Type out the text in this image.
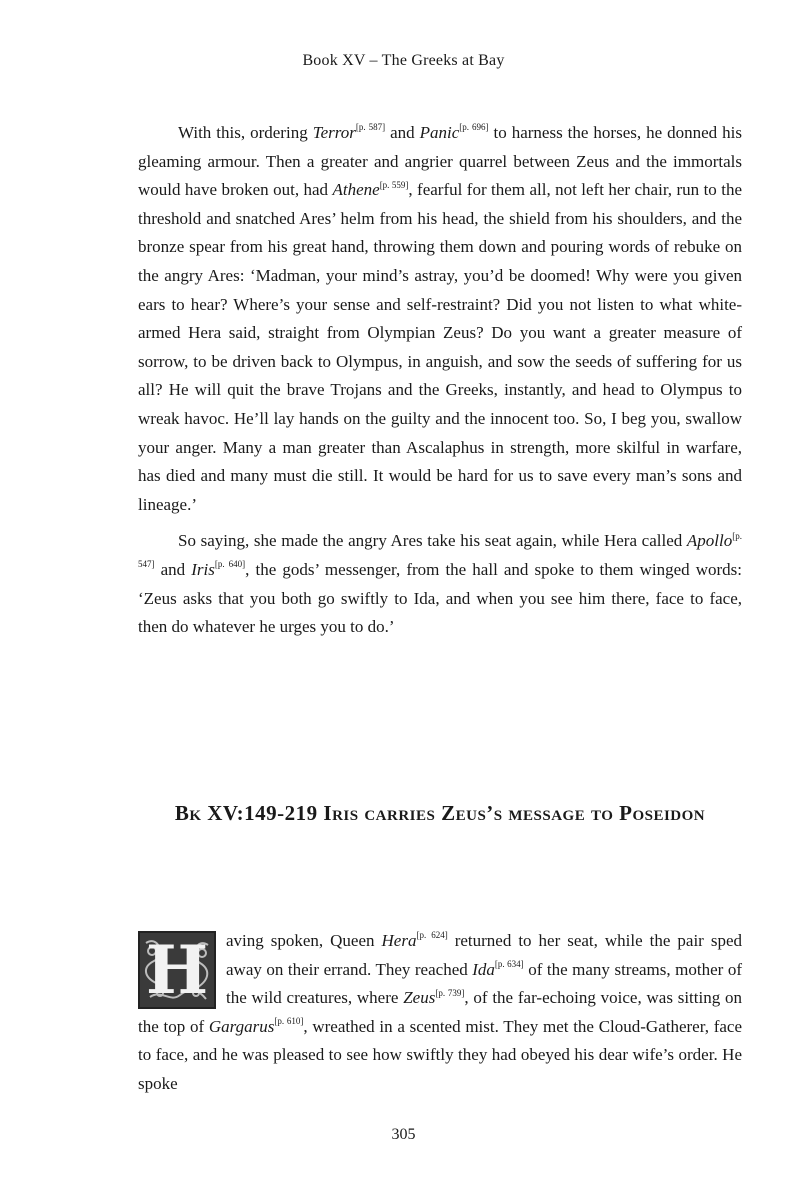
Book XV – The Greeks at Bay

With this, ordering Terror[p. 587] and Panic[p. 696] to harness the horses, he donned his gleaming armour. Then a greater and angrier quarrel between Zeus and the immortals would have broken out, had Athene[p. 559], fearful for them all, not left her chair, run to the threshold and snatched Ares’ helm from his head, the shield from his shoulders, and the bronze spear from his great hand, throwing them down and pouring words of rebuke on the angry Ares: ‘Madman, your mind’s astray, you’d be doomed! Why were you given ears to hear? Where’s your sense and self-restraint? Did you not listen to what white-armed Hera said, straight from Olympian Zeus? Do you want a greater measure of sorrow, to be driven back to Olympus, in anguish, and sow the seeds of suffering for us all? He will quit the brave Trojans and the Greeks, instantly, and head to Olympus to wreak havoc. He’ll lay hands on the guilty and the innocent too. So, I beg you, swallow your anger. Many a man greater than Ascalaphus in strength, more skilful in warfare, has died and many must die still. It would be hard for us to save every man’s sons and lineage.’

So saying, she made the angry Ares take his seat again, while Hera called Apollo[p. 547] and Iris[p. 640], the gods’ messenger, from the hall and spoke to them winged words: ‘Zeus asks that you both go swiftly to Ida, and when you see him there, face to face, then do whatever he urges you to do.’

Bk XV:149-219 Iris carries Zeus’s message to Poseidon

H	aving spoken, Queen Hera[p. 624] returned to her seat, while the pair sped away on their errand. They reached Ida[p. 634] of the many streams, mother of the wild creatures, where Zeus[p. 739], of the far-echoing voice, was sitting on the top of Gargarus[p. 610], wreathed in a scented mist. They met the Cloud-Gatherer, face to face, and he was pleased to see how swiftly they had obeyed his dear wife’s order. He spoke

305
